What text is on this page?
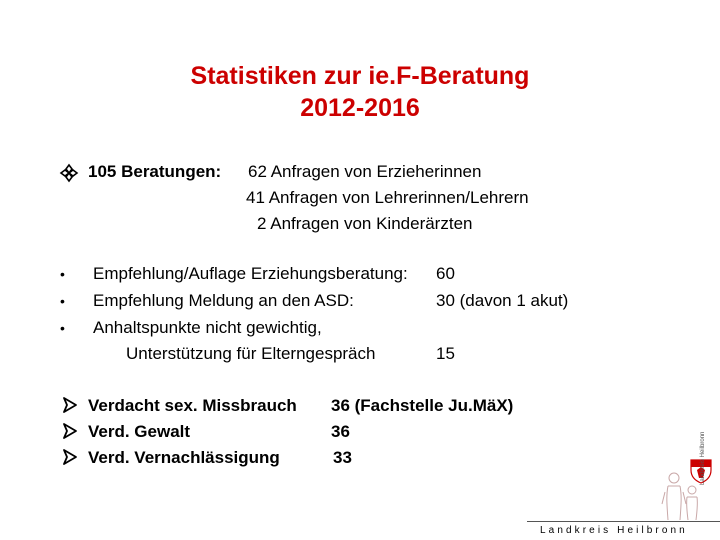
Statistiken zur ie.F-Beratung
2012-2016
105 Beratungen: 62 Anfragen von Erzieherinnen
41 Anfragen von Lehrerinnen/Lehrern
2 Anfragen von Kinderärzten
•
•
•
Empfehlung/Auflage Erziehungsberatung: 60
Empfehlung Meldung an den ASD:	30 (davon 1 akut)
Anhaltspunkte nicht gewichtig,
Unterstützung für Elterngespräch	15
Verdacht sex. Missbrauch 36 (Fachstelle Ju.MäX)
Verd. Gewalt	36
Verd. Vernachlässigung	33	Landkreis Heilbronn
Landkreis Heilbronn
